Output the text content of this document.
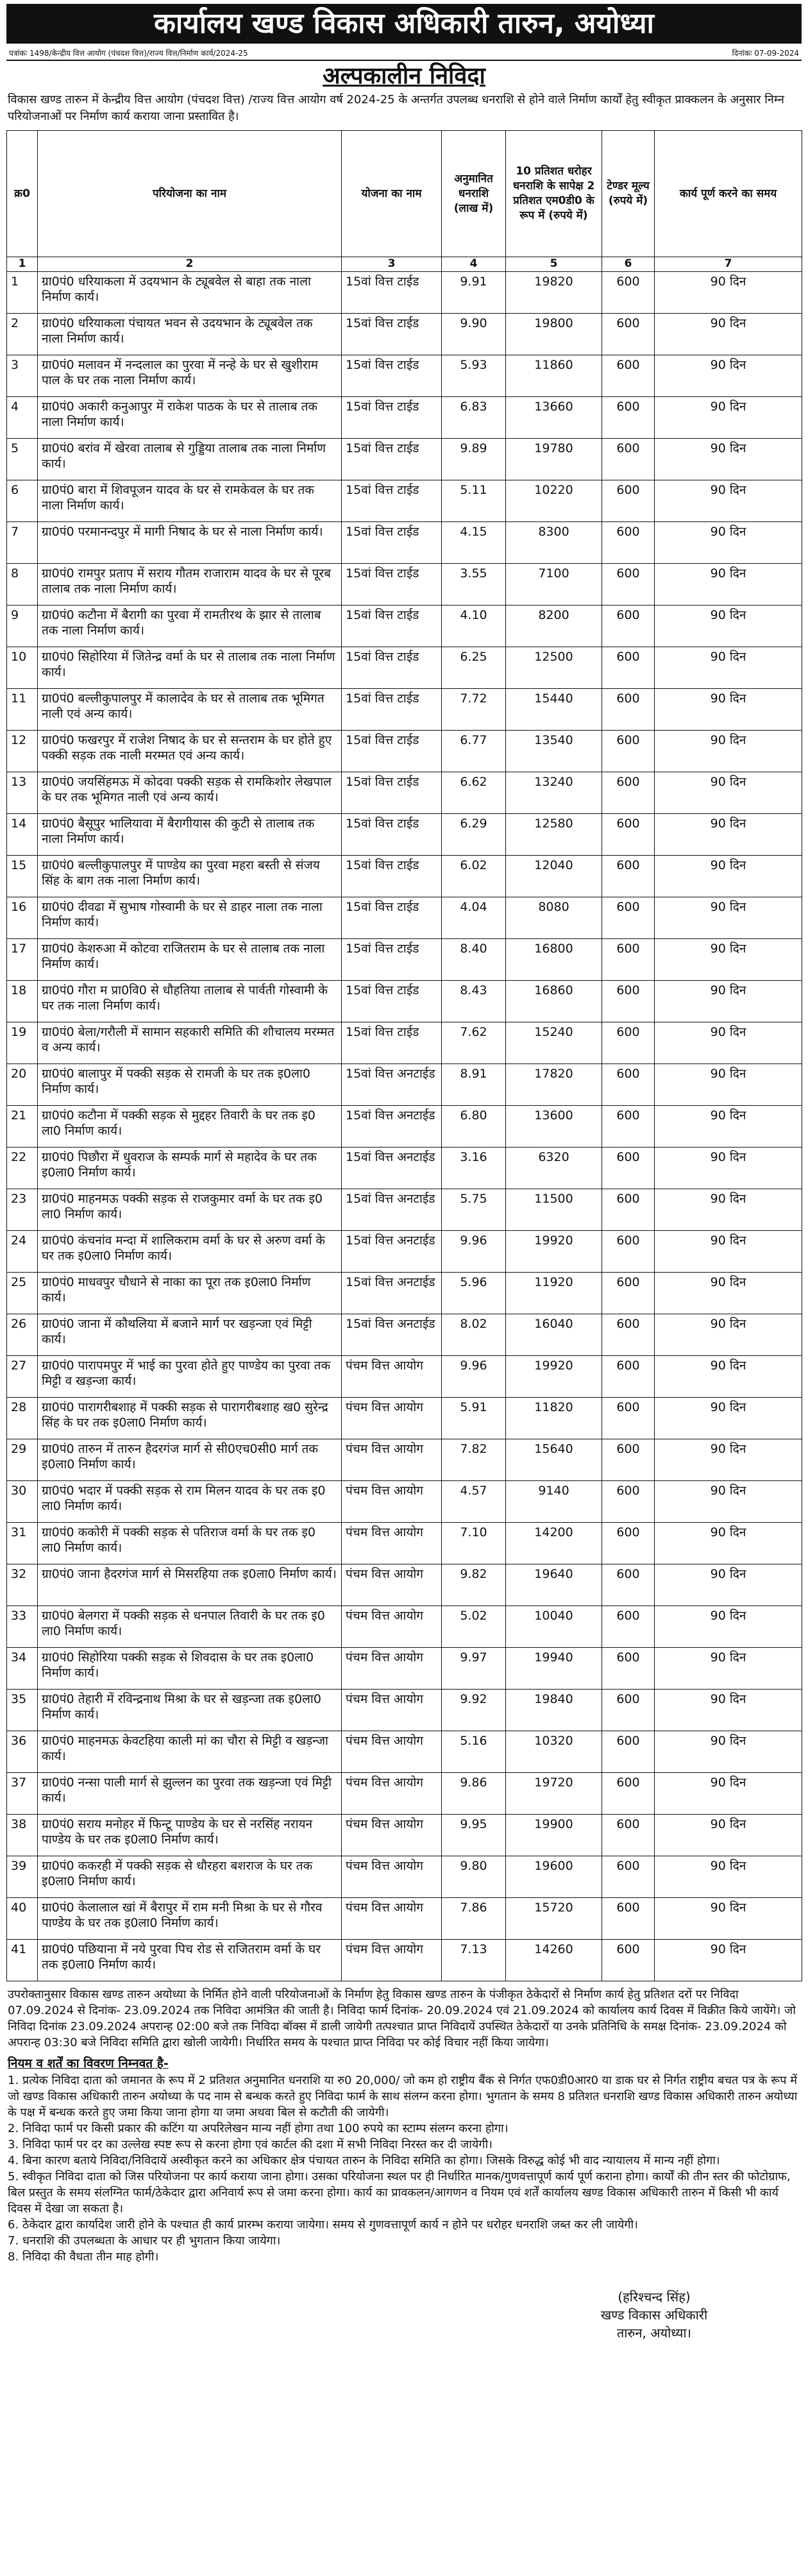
कार्यालय खण्ड विकास अधिकारी तारुन, अयोध्या
पत्रांकः 1498/केन्द्रीय वित्त आयोग (पंचदश वित्त)/राज्य वित्त/निर्माण कार्य/2024-25	दिनांकः 07-09-2024
अल्पकालीन निविदा
विकास खण्ड तारुन में केन्द्रीय वित्त आयोग (पंचदश वित्त) /राज्य वित्त आयोग वर्ष 2024-25 के अन्तर्गत उपलब्ध धनराशि से होने वाले निर्माण कार्यों हेतु स्वीकृत प्राक्कलन के अनुसार निम्न परियोजनाओं पर निर्माण कार्य कराया जाना प्रस्तावित है।
क्र0	परियोजना का नाम	योजना का नाम	अनुमानित धनराशि (लाख में)	10 प्रतिशत धरोहर धनराशि के सापेक्ष 2 प्रतिशत एम0डी0 के रूप में (रुपये में)	टेण्डर मूल्य (रुपये में)	कार्य पूर्ण करने का समय
1	2	3	4	5	6	7
1	ग्रा0पं0 धरियाकला में उदयभान के ट्यूबवेल से बाहा तक नाला निर्माण कार्य।	15वां वित्त टाईड	9.91	19820	600	90 दिन
2	ग्रा0पं0 धरियाकला पंचायत भवन से उदयभान के ट्यूबवेल तक नाला निर्माण कार्य।	15वां वित्त टाईड	9.90	19800	600	90 दिन
3	ग्रा0पं0 मलावन में नन्दलाल का पुरवा में नन्हे के घर से खुशीराम पाल के घर तक नाला निर्माण कार्य।	15वां वित्त टाईड	5.93	11860	600	90 दिन
4	ग्रा0पं0 अकारी कनुआपुर में राकेश पाठक के घर से तालाब तक नाला निर्माण कार्य।	15वां वित्त टाईड	6.83	13660	600	90 दिन
5	ग्रा0पं0 बरांव में खेरवा तालाब से गुड्डिया तालाब तक नाला निर्माण कार्य।	15वां वित्त टाईड	9.89	19780	600	90 दिन
6	ग्रा0पं0 बारा में शिवपूजन यादव के घर से रामकेवल के घर तक नाला निर्माण कार्य।	15वां वित्त टाईड	5.11	10220	600	90 दिन
7	ग्रा0पं0 परमानन्दपुर में मागी निषाद के घर से नाला निर्माण कार्य।	15वां वित्त टाईड	4.15	8300	600	90 दिन
8	ग्रा0पं0 रामपुर प्रताप में सराय गौतम राजाराम यादव के घर से पूरब तालाब तक नाला निर्माण कार्य।	15वां वित्त टाईड	3.55	7100	600	90 दिन
9	ग्रा0पं0 कटौना में बैरागी का पुरवा में रामतीरथ के झार से तालाब तक नाला निर्माण कार्य।	15वां वित्त टाईड	4.10	8200	600	90 दिन
10	ग्रा0पं0 सिहोरिया में जितेन्द्र वर्मा के घर से तालाब तक नाला निर्माण कार्य।	15वां वित्त टाईड	6.25	12500	600	90 दिन
11	ग्रा0पं0 बल्लीकुपालपुर में कालादेव के घर से तालाब तक भूमिगत नाली एवं अन्य कार्य।	15वां वित्त टाईड	7.72	15440	600	90 दिन
12	ग्रा0पं0 फखरपुर में राजेश निषाद के घर से सन्तराम के घर होते हुए पक्की सड़क तक नाली मरम्मत एवं अन्य कार्य।	15वां वित्त टाईड	6.77	13540	600	90 दिन
13	ग्रा0पं0 जयसिंहमऊ में कोदवा पक्की सड़क से रामकिशोर लेखपाल के घर तक भूमिगत नाली एवं अन्य कार्य।	15वां वित्त टाईड	6.62	13240	600	90 दिन
14	ग्रा0पं0 बैसूपुर भालियावा में बैरागीयास की कुटी से तालाब तक नाला निर्माण कार्य।	15वां वित्त टाईड	6.29	12580	600	90 दिन
15	ग्रा0पं0 बल्लीकुपालपुर में पाण्डेय का पुरवा महरा बस्ती से संजय सिंह के बाग तक नाला निर्माण कार्य।	15वां वित्त टाईड	6.02	12040	600	90 दिन
16	ग्रा0पं0 दीवढा में सुभाष गोस्वामी के घर से डाहर नाला तक नाला निर्माण कार्य।	15वां वित्त टाईड	4.04	8080	600	90 दिन
17	ग्रा0पं0 केशरुआ में कोटवा राजितराम के घर से तालाब तक नाला निर्माण कार्य।	15वां वित्त टाईड	8.40	16800	600	90 दिन
18	ग्रा0पं0 गौरा म प्रा0वि0 से धौहतिया तालाब से पार्वती गोस्वामी के घर तक नाला निर्माण कार्य।	15वां वित्त टाईड	8.43	16860	600	90 दिन
19	ग्रा0पं0 बेला/गरौली में सामान सहकारी समिति की शौचालय मरम्मत व अन्य कार्य।	15वां वित्त टाईड	7.62	15240	600	90 दिन
20	ग्रा0पं0 बालापुर में पक्की सड़क से रामजी के घर तक इ0ला0 निर्माण कार्य।	15वां वित्त अनटाईड	8.91	17820	600	90 दिन
21	ग्रा0पं0 कटौना में पक्की सड़क से मुद्दहर तिवारी के घर तक इ0 ला0 निर्माण कार्य।	15वां वित्त अनटाईड	6.80	13600	600	90 दिन
22	ग्रा0पं0 पिछौरा में धुवराज के सम्पर्क मार्ग से महादेव के घर तक इ0ला0 निर्माण कार्य।	15वां वित्त अनटाईड	3.16	6320	600	90 दिन
23	ग्रा0पं0 माहनमऊ पक्की सड़क से राजकुमार वर्मा के घर तक इ0 ला0 निर्माण कार्य।	15वां वित्त अनटाईड	5.75	11500	600	90 दिन
24	ग्रा0पं0 कंचनांव मन्दा में शालिकराम वर्मा के घर से अरुण वर्मा के घर तक इ0ला0 निर्माण कार्य।	15वां वित्त अनटाईड	9.96	19920	600	90 दिन
25	ग्रा0पं0 माधवपुर चौधाने से नाका का पूरा तक इ0ला0 निर्माण कार्य।	15वां वित्त अनटाईड	5.96	11920	600	90 दिन
26	ग्रा0पं0 जाना में कौथलिया में बजाने मार्ग पर खड़न्जा एवं मिट्टी कार्य।	15वां वित्त अनटाईड	8.02	16040	600	90 दिन
27	ग्रा0पं0 पारापमपुर में भाई का पुरवा होते हुए पाण्डेय का पुरवा तक मिट्टी व खड़न्जा कार्य।	पंचम वित्त आयोग	9.96	19920	600	90 दिन
28	ग्रा0पं0 पारागरीबशाह में पक्की सड़क से पारागरीबशाह ख0 सुरेन्द्र सिंह के घर तक इ0ला0 निर्माण कार्य।	पंचम वित्त आयोग	5.91	11820	600	90 दिन
29	ग्रा0पं0 तारुन में तारुन हैदरगंज मार्ग से सी0एच0सी0 मार्ग तक इ0ला0 निर्माण कार्य।	पंचम वित्त आयोग	7.82	15640	600	90 दिन
30	ग्रा0पं0 भदार में पक्की सड़क से राम मिलन यादव के घर तक इ0 ला0 निर्माण कार्य।	पंचम वित्त आयोग	4.57	9140	600	90 दिन
31	ग्रा0पं0 ककोरी में पक्की सड़क से पतिराज वर्मा के घर तक इ0 ला0 निर्माण कार्य।	पंचम वित्त आयोग	7.10	14200	600	90 दिन
32	ग्रा0पं0 जाना हैदरगंज मार्ग से मिसरहिया तक इ0ला0 निर्माण कार्य।	पंचम वित्त आयोग	9.82	19640	600	90 दिन
33	ग्रा0पं0 बेलगरा में पक्की सड़क से धनपाल तिवारी के घर तक इ0 ला0 निर्माण कार्य।	पंचम वित्त आयोग	5.02	10040	600	90 दिन
34	ग्रा0पं0 सिहोरिया पक्की सड़क से शिवदास के घर तक इ0ला0 निर्माण कार्य।	पंचम वित्त आयोग	9.97	19940	600	90 दिन
35	ग्रा0पं0 तेहारी में रविन्द्रनाथ मिश्रा के घर से खड़न्जा तक इ0ला0 निर्माण कार्य।	पंचम वित्त आयोग	9.92	19840	600	90 दिन
36	ग्रा0पं0 माहनमऊ केवटहिया काली मां का चौरा से मिट्टी व खड़न्जा कार्य।	पंचम वित्त आयोग	5.16	10320	600	90 दिन
37	ग्रा0पं0 नन्सा पाली मार्ग से झुल्लन का पुरवा तक खड़न्जा एवं मिट्टी कार्य।	पंचम वित्त आयोग	9.86	19720	600	90 दिन
38	ग्रा0पं0 सराय मनोहर में फिन्टू पाण्डेय के घर से नरसिंह नरायन पाण्डेय के घर तक इ0ला0 निर्माण कार्य।	पंचम वित्त आयोग	9.95	19900	600	90 दिन
39	ग्रा0पं0 ककरही में पक्की सड़क से धौरहरा बशराज के घर तक इ0ला0 निर्माण कार्य।	पंचम वित्त आयोग	9.80	19600	600	90 दिन
40	ग्रा0पं0 केलालाल खां में बैरापुर में राम मनी मिश्रा के घर से गौरव पाण्डेय के घर तक इ0ला0 निर्माण कार्य।	पंचम वित्त आयोग	7.86	15720	600	90 दिन
41	ग्रा0पं0 पछियाना में नये पुरवा पिच रोड से राजितराम वर्मा के घर तक इ0ला0 निर्माण कार्य।	पंचम वित्त आयोग	7.13	14260	600	90 दिन
उपरोक्तानुसार विकास खण्ड तारुन अयोध्या के निर्मित होने वाली परियोजनाओं के निर्माण हेतु विकास खण्ड तारुन के पंजीकृत ठेकेदारों से निर्माण कार्य हेतु प्रतिशत दरों पर निविदा 07.09.2024 से दिनांक- 23.09.2024 तक निविदा आमंत्रित की जाती है। निविदा फार्म दिनांक- 20.09.2024 एवं 21.09.2024 को कार्यालय कार्य दिवस में विक्रीत किये जायेंगे। जो निविदा दिनांक 23.09.2024 अपरान्ह 02:00 बजे तक निविदा बॉक्स में डाली जायेगी तत्पश्चात प्राप्त निविदायें उपस्थित ठेकेदारों या उनके प्रतिनिधि के समक्ष दिनांक- 23.09.2024 को अपरान्ह 03:30 बजे निविदा समिति द्वारा खोली जायेगी। निर्धारित समय के पश्चात प्राप्त निविदा पर कोई विचार नहीं किया जायेगा।
नियम व शर्तें का विवरण निम्नवत है-
1. प्रत्येक निविदा दाता को जमानत के रूप में 2 प्रतिशत अनुमानित धनराशि या रु0 20,000/ जो कम हो राष्ट्रीय बैंक से निर्गत एफ0डी0आर0 या डाक घर से निर्गत राष्ट्रीय बचत पत्र के रूप में जो खण्ड विकास अधिकारी तारुन अयोध्या के पद नाम से बन्धक करते हुए निविदा फार्म के साथ संलग्न करना होगा। भुगतान के समय 8 प्रतिशत धनराशि खण्ड विकास अधिकारी तारुन अयोध्या के पक्ष में बन्धक करते हुए जमा किया जाना होगा या जमा अथवा बिल से कटौती की जायेगी।
2. निविदा फार्म पर किसी प्रकार की कटिंग या अपरिलेखन मान्य नहीं होगा तथा 100 रुपये का स्टाम्प संलग्न करना होगा।
3. निविदा फार्म पर दर का उल्लेख स्पष्ट रूप से करना होगा एवं कार्टल की दशा में सभी निविदा निरस्त कर दी जायेगी।
4. बिना कारण बताये निविदा/निविदायें अस्वीकृत करने का अधिकार क्षेत्र पंचायत तारुन के निविदा समिति का होगा। जिसके विरुद्ध कोई भी वाद न्यायालय में मान्य नहीं होगा।
5. स्वीकृत निविदा दाता को जिस परियोजना पर कार्य कराया जाना होगा। उसका परियोजना स्थल पर ही निर्धारित मानक/गुणवत्तापूर्ण कार्य पूर्ण कराना होगा। कार्यों की तीन स्तर की फोटोग्राफ, बिल प्रस्तुत के समय संलग्नित फार्म/ठेकेदार द्वारा अनिवार्य रूप से जमा करना होगा। कार्य का प्रावकलन/आगणन व नियम एवं शर्तें कार्यालय खण्ड विकास अधिकारी तारुन में किसी भी कार्य दिवस में देखा जा सकता है।
6. ठेकेदार द्वारा कार्यादेश जारी होने के पश्चात ही कार्य प्रारम्भ कराया जायेगा। समय से गुणवत्तापूर्ण कार्य न होने पर धरोहर धनराशि जब्त कर ली जायेगी।
7. धनराशि की उपलब्धता के आधार पर ही भुगतान किया जायेगा।
8. निविदा की वैधता तीन माह होगी।
(हरिश्चन्द सिंह)
खण्ड विकास अधिकारी
तारुन, अयोध्या।
